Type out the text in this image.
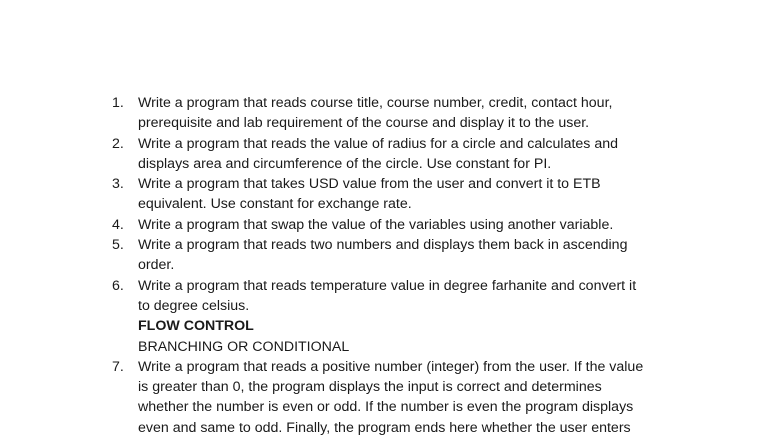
1. Write a program that reads course title, course number, credit, contact hour,
prerequisite and lab requirement of the course and display it to the user.
2. Write a program that reads the value of radius for a circle and calculates and
displays area and circumference of the circle. Use constant for PI.
3. Write a program that takes USD value from the user and convert it to ETB
equivalent. Use constant for exchange rate.
4. Write a program that swap the value of the variables using another variable.
5. Write a program that reads two numbers and displays them back in ascending
order.
6. Write a program that reads temperature value in degree farhanite and convert it
to degree celsius.
FLOW CONTROL
BRANCHING OR CONDITIONAL
7. Write a program that reads a positive number (integer) from the user. If the value
is greater than 0, the program displays the input is correct and determines
whether the number is even or odd. If the number is even the program displays
even and same to odd. Finally, the program ends here whether the user enters
